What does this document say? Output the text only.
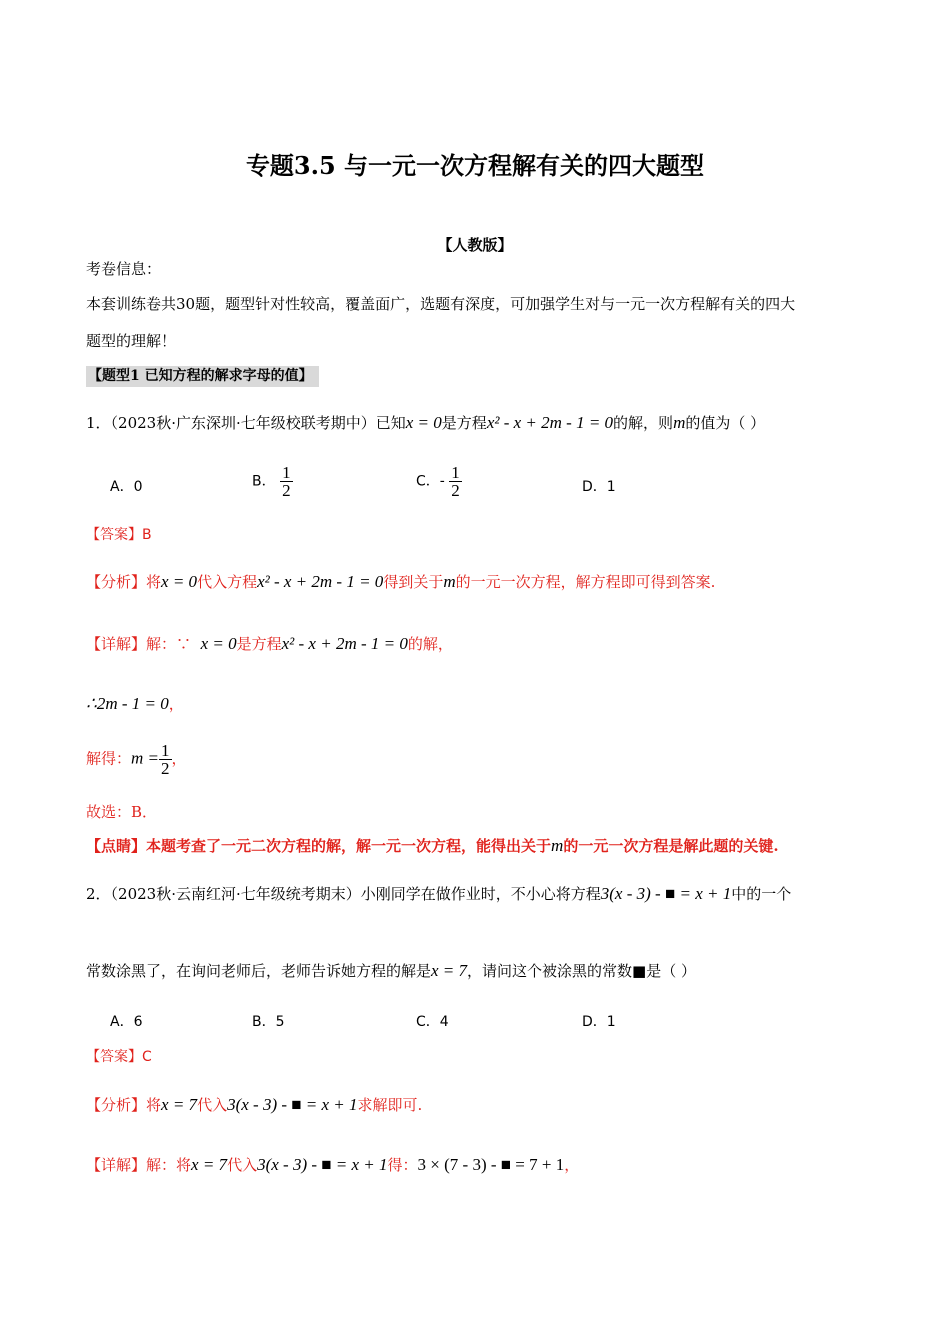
专题3.5 与一元一次方程解有关的四大题型
【人教版】
考卷信息：
本套训练卷共30题，题型针对性较高，覆盖面广，选题有深度，可加强学生对与一元一次方程解有关的四大
题型的理解！
【题型1 已知方程的解求字母的值】
1．（2023秋·广东深圳·七年级校联考期中）已知x = 0是方程x² - x + 2m - 1 = 0的解，则m的值为（ ）
A．0	B． $\frac{1}{2}$	C．- $\frac{1}{2}$	D．1
【答案】B
【分析】将x = 0代入方程x² - x + 2m - 1 = 0得到关于m的一元一次方程，解方程即可得到答案.
【详解】解：∵ x = 0是方程x² - x + 2m - 1 = 0的解，
∴2m - 1 = 0，
解得：$m = \frac{1}{2}$ ，
故选：B．
【点睛】本题考查了一元二次方程的解，解一元一次方程，能得出关于m的一元一次方程是解此题的关键.
2．（2023秋·云南红河·七年级统考期末）小刚同学在做作业时，不小心将方程3(x - 3) - ■ = x + 1中的一个
常数涂黑了，在询问老师后，老师告诉她方程的解是x = 7，请问这个被涂黑的常数■是（ ）
A．6	B．5	C．4	D．1
【答案】C
【分析】将x = 7代入3(x - 3) - ■ = x + 1求解即可.
【详解】解：将x = 7代入3(x - 3) - ■ = x + 1得：3 × (7 - 3) - ■ = 7 + 1，
